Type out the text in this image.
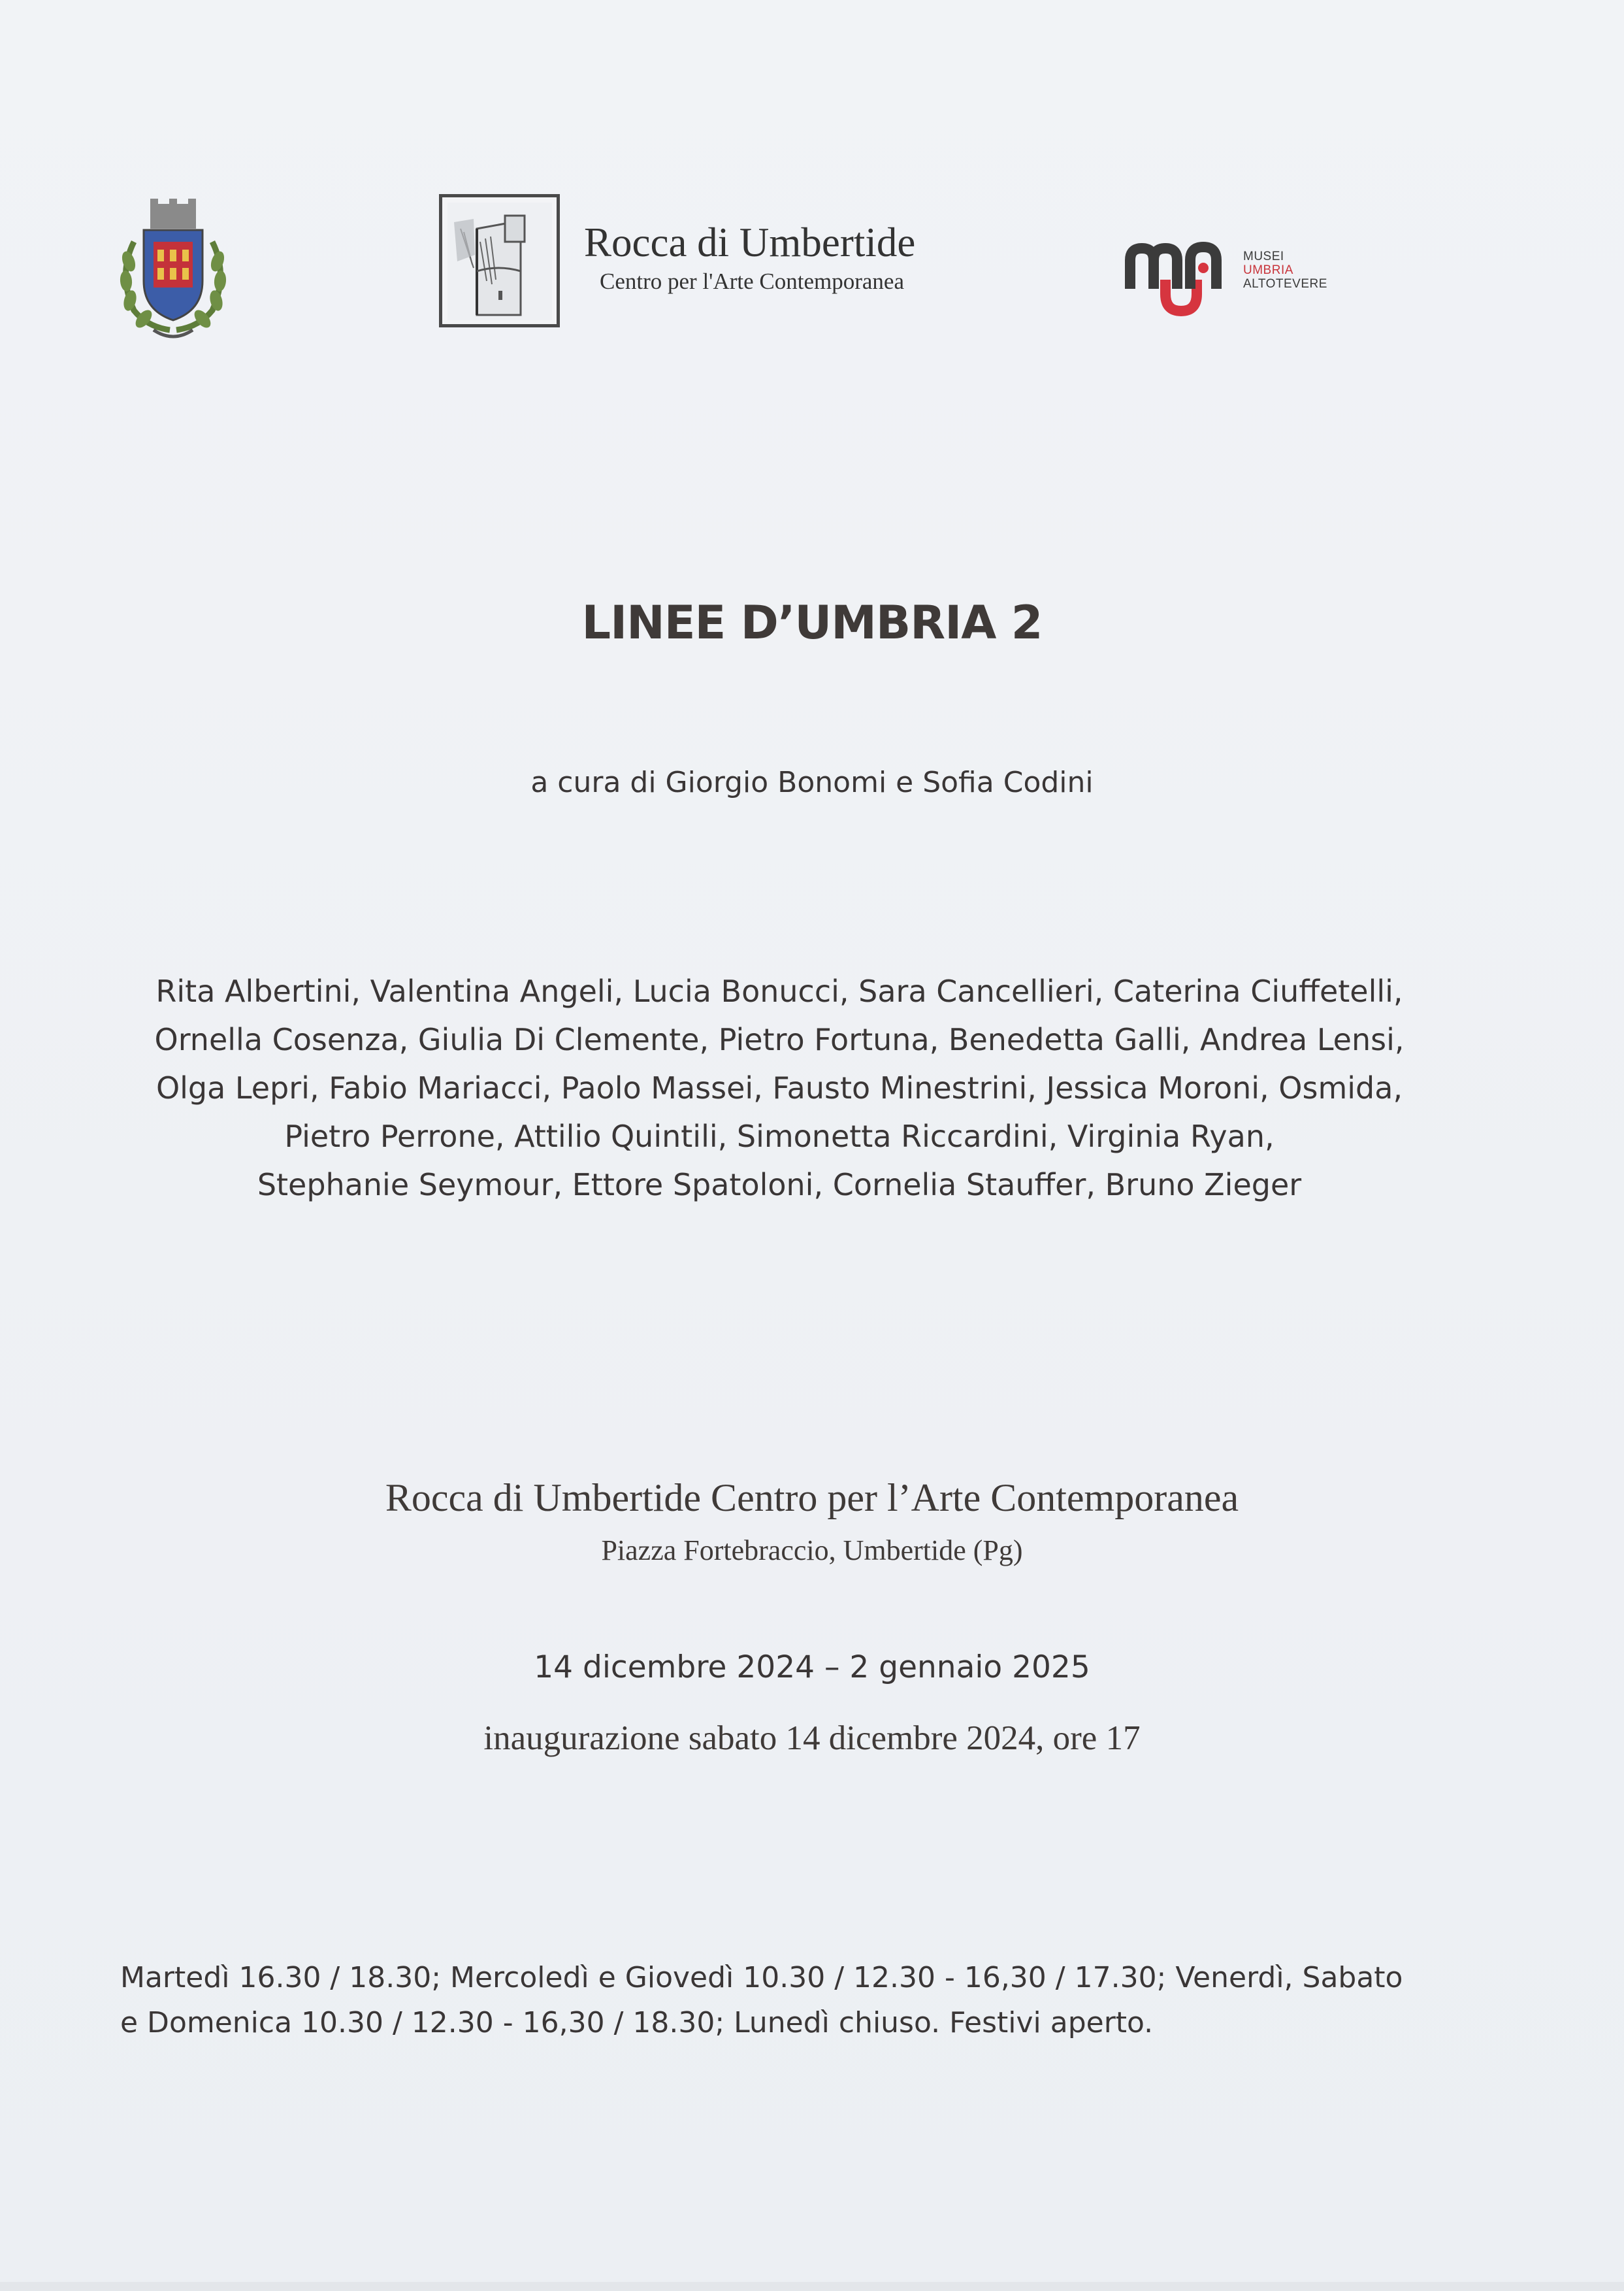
Rocca di Umbertide
Centro per l'Arte Contemporanea
MUSEI
UMBRIA
ALTOTEVERE
LINEE D’UMBRIA 2
a cura di Giorgio Bonomi e Sofia Codini
Rita Albertini, Valentina Angeli, Lucia Bonucci, Sara Cancellieri, Caterina Ciuffetelli,
Ornella Cosenza, Giulia Di Clemente, Pietro Fortuna, Benedetta Galli, Andrea Lensi,
Olga Lepri, Fabio Mariacci, Paolo Massei, Fausto Minestrini, Jessica Moroni, Osmida,
Pietro Perrone, Attilio Quintili, Simonetta Riccardini, Virginia Ryan,
Stephanie Seymour, Ettore Spatoloni, Cornelia Stauffer, Bruno Zieger
Rocca di Umbertide Centro per l’Arte Contemporanea
Piazza Fortebraccio, Umbertide (Pg)
14 dicembre 2024 – 2 gennaio 2025
inaugurazione sabato 14 dicembre 2024, ore 17
Martedì 16.30 / 18.30; Mercoledì e Giovedì 10.30 / 12.30 - 16,30 / 17.30; Venerdì, Sabato
e Domenica 10.30 / 12.30 - 16,30 / 18.30; Lunedì chiuso. Festivi aperto.
